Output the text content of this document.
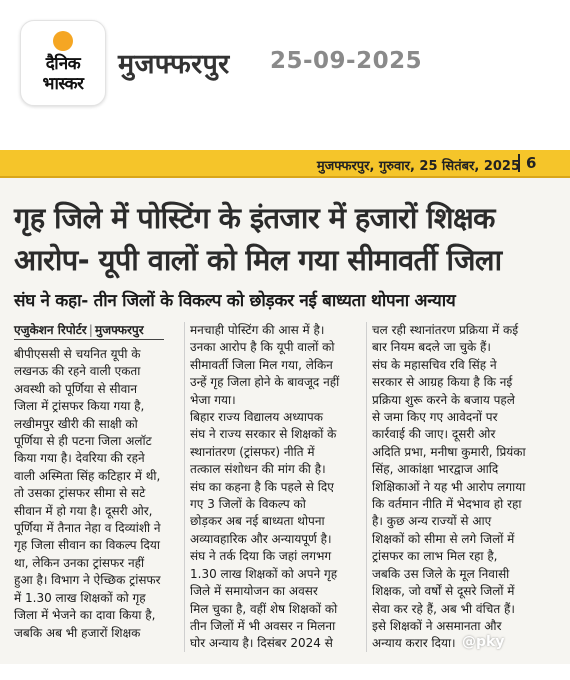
दैनिक
भास्कर
मुजफ्फरपुर 25-09-2025
मुजफ्फरपुर, गुरुवार, 25 सितंबर, 2025 6
गृह जिले में पोस्टिंग के इंतजार में हजारों शिक्षक
आरोप- यूपी वालों को मिल गया सीमावर्ती जिला
संघ ने कहा- तीन जिलों के विकल्प को छोड़कर नई बाध्यता थोपना अन्याय
एजुकेशन रिपोर्टर | मुजफ्फरपुर
बीपीएससी से चयनित यूपी के
लखनऊ की रहने वाली एकता
अवस्थी को पूर्णिया से सीवान
जिला में ट्रांसफर किया गया है,
लखीमपुर खीरी की साक्षी को
पूर्णिया से ही पटना जिला अलॉट
किया गया है। देवरिया की रहने
वाली अस्मिता सिंह कटिहार में थी,
तो उसका ट्रांसफर सीमा से सटे
सीवान में हो गया है। दूसरी ओर,
पूर्णिया में तैनात नेहा व दिव्यांशी ने
गृह जिला सीवान का विकल्प दिया
था, लेकिन उनका ट्रांसफर नहीं
हुआ है। विभाग ने ऐच्छिक ट्रांसफर
में 1.30 लाख शिक्षकों को गृह
जिला में भेजने का दावा किया है,
जबकि अब भी हजारों शिक्षक
मनचाही पोस्टिंग की आस में है।
उनका आरोप है कि यूपी वालों को
सीमावर्ती जिला मिल गया, लेकिन
उन्हें गृह जिला होने के बावजूद नहीं
भेजा गया।
बिहार राज्य विद्यालय अध्यापक
संघ ने राज्य सरकार से शिक्षकों के
स्थानांतरण (ट्रांसफर) नीति में
तत्काल संशोधन की मांग की है।
संघ का कहना है कि पहले से दिए
गए 3 जिलों के विकल्प को
छोड़कर अब नई बाध्यता थोपना
अव्यावहारिक और अन्यायपूर्ण है।
संघ ने तर्क दिया कि जहां लगभग
1.30 लाख शिक्षकों को अपने गृह
जिले में समायोजन का अवसर
मिल चुका है, वहीं शेष शिक्षकों को
तीन जिलों में भी अवसर न मिलना
घोर अन्याय है। दिसंबर 2024 से
चल रही स्थानांतरण प्रक्रिया में कई
बार नियम बदले जा चुके हैं।
संघ के महासचिव रवि सिंह ने
सरकार से आग्रह किया है कि नई
प्रक्रिया शुरू करने के बजाय पहले
से जमा किए गए आवेदनों पर
कार्रवाई की जाए। दूसरी ओर
अदिति प्रभा, मनीषा कुमारी, प्रियंका
सिंह, आकांक्षा भारद्वाज आदि
शिक्षिकाओं ने यह भी आरोप लगाया
कि वर्तमान नीति में भेदभाव हो रहा
है। कुछ अन्य राज्यों से आए
शिक्षकों को सीमा से लगे जिलों में
ट्रांसफर का लाभ मिल रहा है,
जबकि उस जिले के मूल निवासी
शिक्षक, जो वर्षों से दूसरे जिलों में
सेवा कर रहे हैं, अब भी वंचित हैं।
इसे शिक्षकों ने असमानता और
अन्याय करार दिया। @pky
